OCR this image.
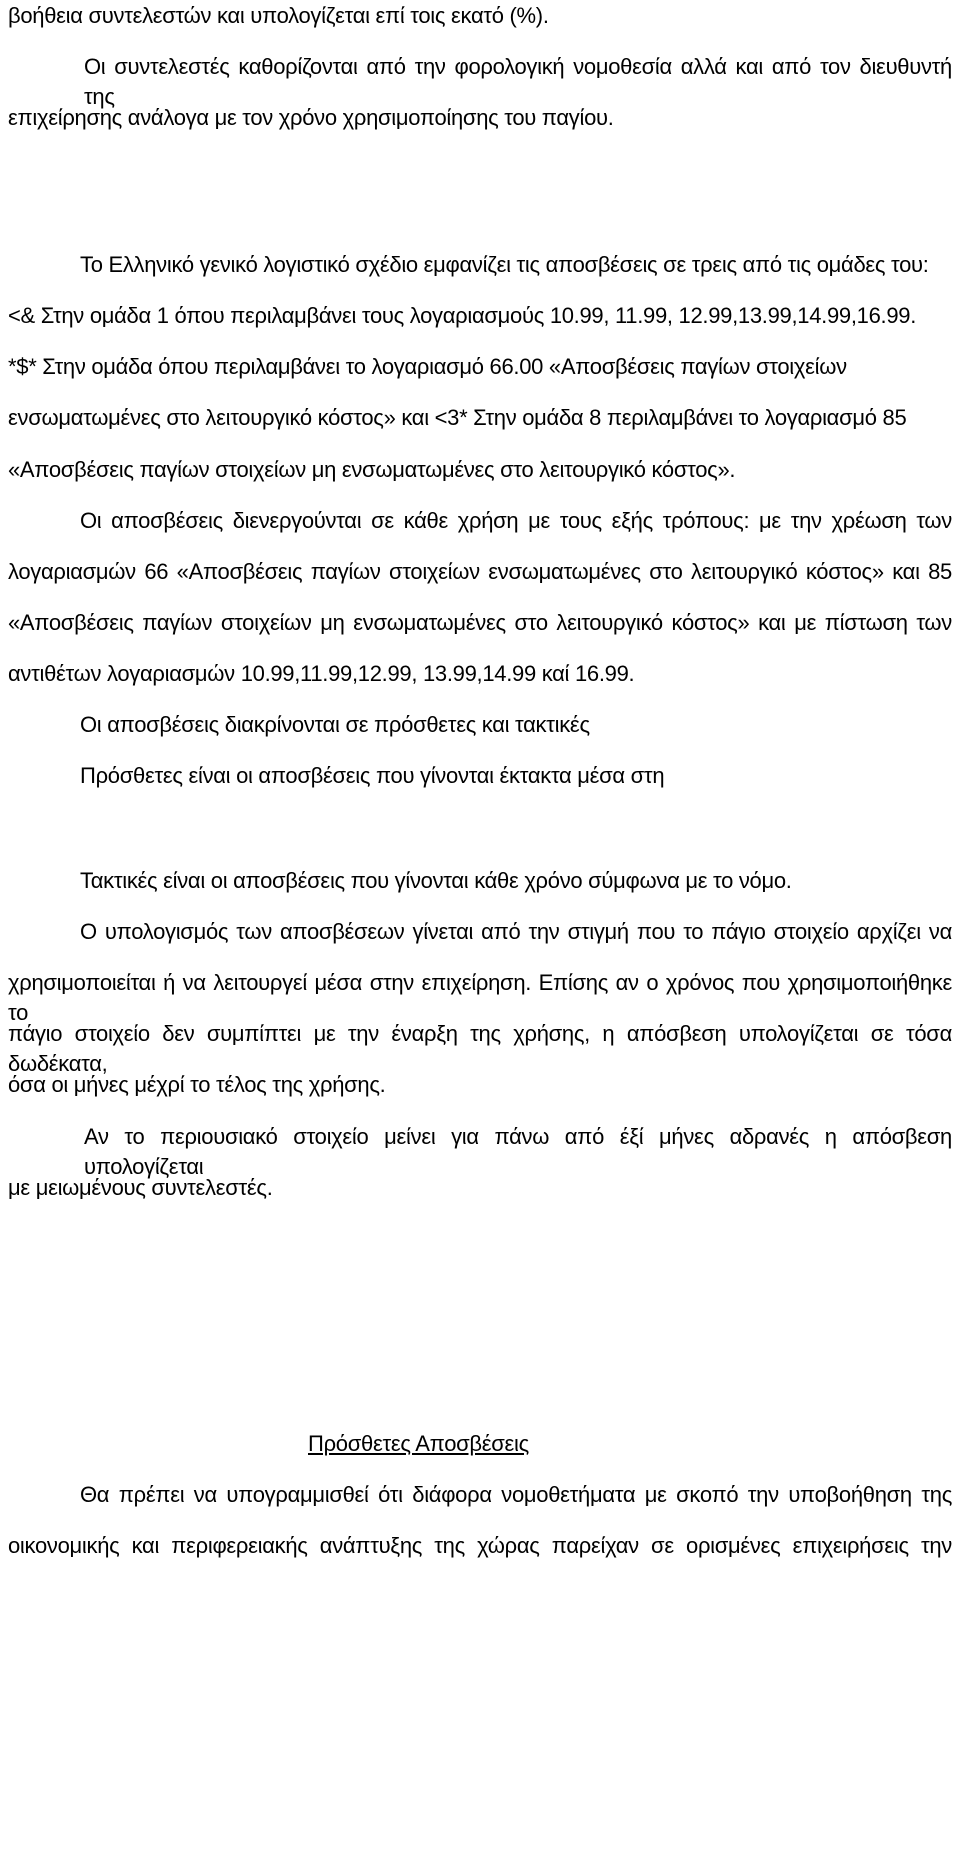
βοήθεια συντελεστών και υπολογίζεται επί τοις εκατό (%).
Οι συντελεστές καθορίζονται από την φορολογική νομοθεσία αλλά και από τον διευθυντή της
επιχείρησης ανάλογα με τον χρόνο χρησιμοποίησης του παγίου.
Το Ελληνικό γενικό λογιστικό σχέδιο εμφανίζει τις αποσβέσεις σε τρεις από τις ομάδες του:
<& Στην ομάδα 1 όπου περιλαμβάνει τους λογαριασμούς 10.99, 11.99, 12.99,13.99,14.99,16.99.
*$* Στην ομάδα όπου περιλαμβάνει το λογαριασμό 66.00 «Αποσβέσεις παγίων στοιχείων
ενσωματωμένες στο λειτουργικό κόστος» και <3* Στην ομάδα 8 περιλαμβάνει το λογαριασμό 85
«Αποσβέσεις παγίων στοιχείων μη ενσωματωμένες στο λειτουργικό κόστος».
Οι αποσβέσεις διενεργούνται σε κάθε χρήση με τους εξής τρόπους: με την χρέωση των
λογαριασμών 66 «Αποσβέσεις παγίων στοιχείων ενσωματωμένες στο λειτουργικό κόστος» και 85
«Αποσβέσεις παγίων στοιχείων μη ενσωματωμένες στο λειτουργικό κόστος» και με πίστωση των
αντιθέτων λογαριασμών 10.99,11.99,12.99, 13.99,14.99 καί 16.99.
Οι αποσβέσεις διακρίνονται σε πρόσθετες και τακτικές
Πρόσθετες είναι οι αποσβέσεις που γίνονται έκτακτα μέσα στη
Τακτικές είναι οι αποσβέσεις που γίνονται κάθε χρόνο σύμφωνα με το νόμο.
Ο υπολογισμός των αποσβέσεων γίνεται από την στιγμή που το πάγιο στοιχείο αρχίζει να
χρησιμοποιείται ή να λειτουργεί μέσα στην επιχείρηση. Επίσης αν ο χρόνος που χρησιμοποιήθηκε το
πάγιο στοιχείο δεν συμπίπτει με την έναρξη της χρήσης, η απόσβεση υπολογίζεται σε τόσα δωδέκατα,
όσα οι μήνες μέχρί το τέλος της χρήσης.
Αν το περιουσιακό στοιχείο μείνει για πάνω από έξί μήνες αδρανές η απόσβεση υπολογίζεται
με μειωμένους συντελεστές.
Πρόσθετες Αποσβέσεις
Θα πρέπει να υπογραμμισθεί ότι διάφορα νομοθετήματα με σκοπό την υποβοήθηση της
οικονομικής και περιφερειακής ανάπτυξης της χώρας παρείχαν σε ορισμένες επιχειρήσεις την
